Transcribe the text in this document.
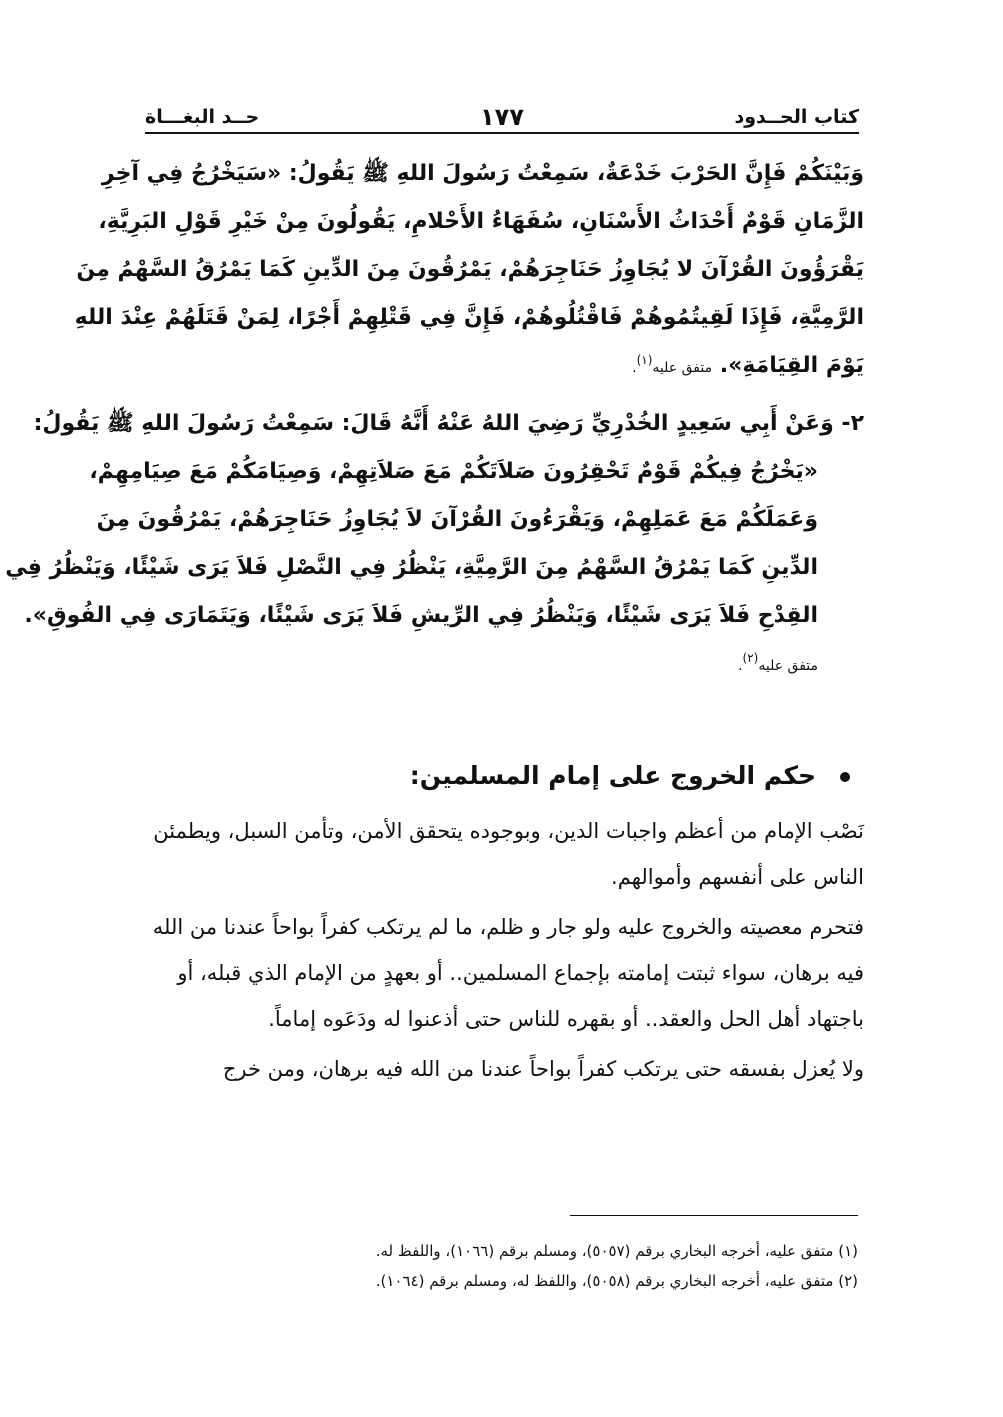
كتاب الحــدود
١٧٧
حــد البغـــاة

وَبَيْنَكُمْ فَإِنَّ الحَرْبَ خَدْعَةٌ، سَمِعْتُ رَسُولَ اللهِ ﷺ يَقُولُ: «سَيَخْرُجُ فِي آخِرِ
الزَّمَانِ قَوْمٌ أَحْدَاثُ الأَسْنَانِ، سُفَهَاءُ الأَحْلامِ، يَقُولُونَ مِنْ خَيْرِ قَوْلِ البَرِيَّةِ،
يَقْرَؤُونَ القُرْآنَ لا يُجَاوِزُ حَنَاجِرَهُمْ، يَمْرُقُونَ مِنَ الدِّينِ كَمَا يَمْرُقُ السَّهْمُ مِنَ
الرَّمِيَّةِ، فَإِذَا لَقِيتُمُوهُمْ فَاقْتُلُوهُمْ، فَإِنَّ فِي قَتْلِهِمْ أَجْرًا، لِمَنْ قَتَلَهُمْ عِنْدَ اللهِ
يَوْمَ القِيَامَةِ». متفق عليه$^{(١)}$.

٢- وَعَنْ أَبِي سَعِيدٍ الخُدْرِيِّ رَضِيَ اللهُ عَنْهُ أَنَّهُ قَالَ: سَمِعْتُ رَسُولَ اللهِ ﷺ يَقُولُ:
«يَخْرُجُ فِيكُمْ قَوْمٌ تَحْقِرُونَ صَلاَتَكُمْ مَعَ صَلاَتِهِمْ، وَصِيَامَكُمْ مَعَ صِيَامِهِمْ،
وَعَمَلَكُمْ مَعَ عَمَلِهِمْ، وَيَقْرَءُونَ القُرْآنَ لاَ يُجَاوِزُ حَنَاجِرَهُمْ، يَمْرُقُونَ مِنَ
الدِّينِ كَمَا يَمْرُقُ السَّهْمُ مِنَ الرَّمِيَّةِ، يَنْظُرُ فِي النَّصْلِ فَلاَ يَرَى شَيْئًا، وَيَنْظُرُ فِي
القِدْحِ فَلاَ يَرَى شَيْئًا، وَيَنْظُرُ فِي الرِّيشِ فَلاَ يَرَى شَيْئًا، وَيَتَمَارَى فِي الفُوقِ».
متفق عليه$^{(٢)}$.

حكم الخروج على إمام المسلمين:

نَصْب الإمام من أعظم واجبات الدين، وبوجوده يتحقق الأمن، وتأمن السبل، ويطمئن الناس على أنفسهم وأموالهم.

فتحرم معصيته والخروج عليه ولو جار و ظلم، ما لم يرتكب كفراً بواحاً عندنا من الله فيه برهان، سواء ثبتت إمامته بإجماع المسلمين.. أو بعهدٍ من الإمام الذي قبله، أو باجتهاد أهل الحل والعقد.. أو بقهره للناس حتى أذعنوا له ودَعَوه إماماً.

ولا يُعزل بفسقه حتى يرتكب كفراً بواحاً عندنا من الله فيه برهان، ومن خرج

(١) متفق عليه، أخرجه البخاري برقم (٥٠٥٧)، ومسلم برقم (١٠٦٦)، واللفظ له.
(٢) متفق عليه، أخرجه البخاري برقم (٥٠٥٨)، واللفظ له، ومسلم برقم (١٠٦٤).
